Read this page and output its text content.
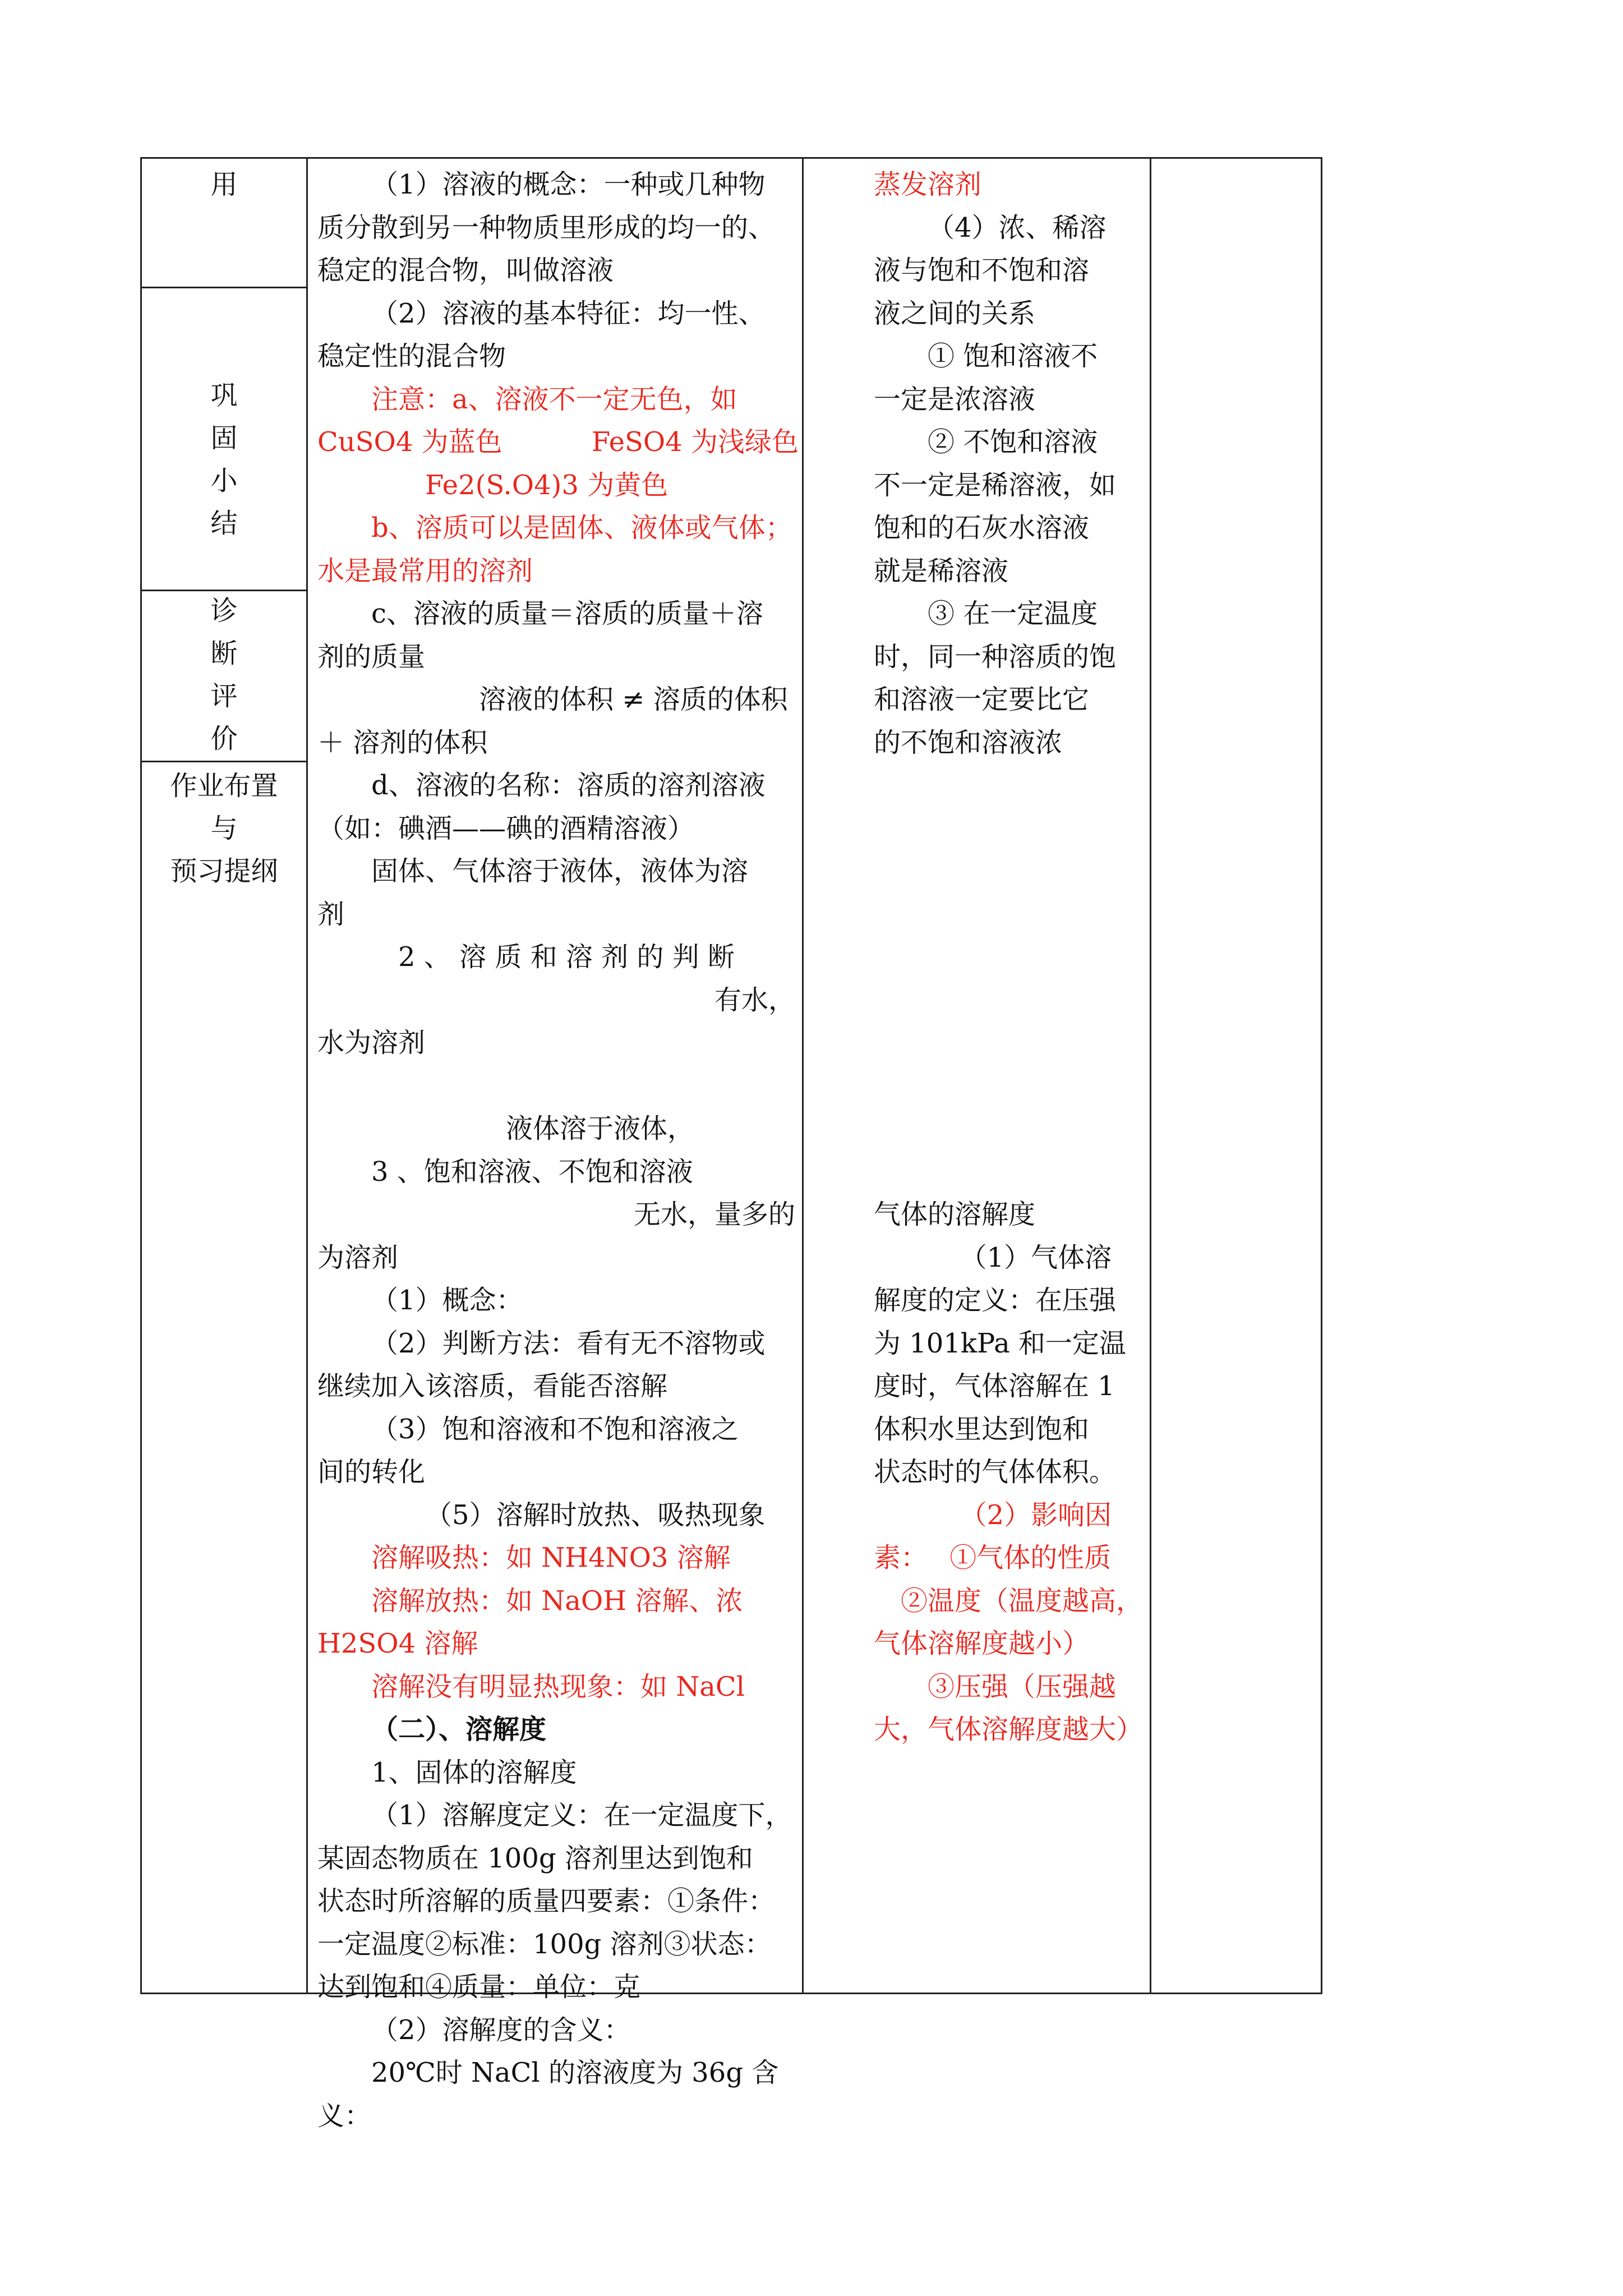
用
巩
固
小
结
诊
断
评
价
作业布置
与
预习提纲
（1）溶液的概念：一种或几种物
质分散到另一种物质里形成的均一的、
稳定的混合物，叫做溶液
（2）溶液的基本特征：均一性、
稳定性的混合物
注意：a、溶液不一定无色，如
CuSO4 为蓝色　　　 FeSO4 为浅绿色
Fe2(S.O4)3 为黄色
b、溶质可以是固体、液体或气体；
水是最常用的溶剂
c、溶液的质量＝溶质的质量＋溶
剂的质量
溶液的体积 ≠ 溶质的体积
＋ 溶剂的体积
d、溶液的名称：溶质的溶剂溶液
（如：碘酒——碘的酒精溶液）
固体、气体溶于液体，液体为溶
剂
2 、 溶 质 和 溶 剂 的 判 断
有水，
水为溶剂
液体溶于液体，
3 、饱和溶液、不饱和溶液
无水，量多的
为溶剂
（1）概念：
（2）判断方法：看有无不溶物或
继续加入该溶质，看能否溶解
（3）饱和溶液和不饱和溶液之
间的转化
（5）溶解时放热、吸热现象
溶解吸热：如 NH4NO3 溶解
溶解放热：如 NaOH 溶解、浓
H2SO4 溶解
溶解没有明显热现象：如 NaCl
（二）、溶解度
1、固体的溶解度
（1）溶解度定义：在一定温度下，
某固态物质在 100g 溶剂里达到饱和
状态时所溶解的质量四要素：①条件：
一定温度②标准：100g 溶剂③状态：
达到饱和④质量：单位：克
（2）溶解度的含义：
20℃时 NaCl 的溶液度为 36g 含
义：
蒸发溶剂
（4）浓、稀溶
液与饱和不饱和溶
液之间的关系
① 饱和溶液不
一定是浓溶液
② 不饱和溶液
不一定是稀溶液，如
饱和的石灰水溶液
就是稀溶液
③ 在一定温度
时，同一种溶质的饱
和溶液一定要比它
的不饱和溶液浓
气体的溶解度
（1）气体溶
解度的定义：在压强
为 101kPa 和一定温
度时，气体溶解在 1
体积水里达到饱和
状态时的气体体积。
（2）影响因
素：　 ①气体的性质
②温度（温度越高，
气体溶解度越小）
③压强（压强越
大，气体溶解度越大）
